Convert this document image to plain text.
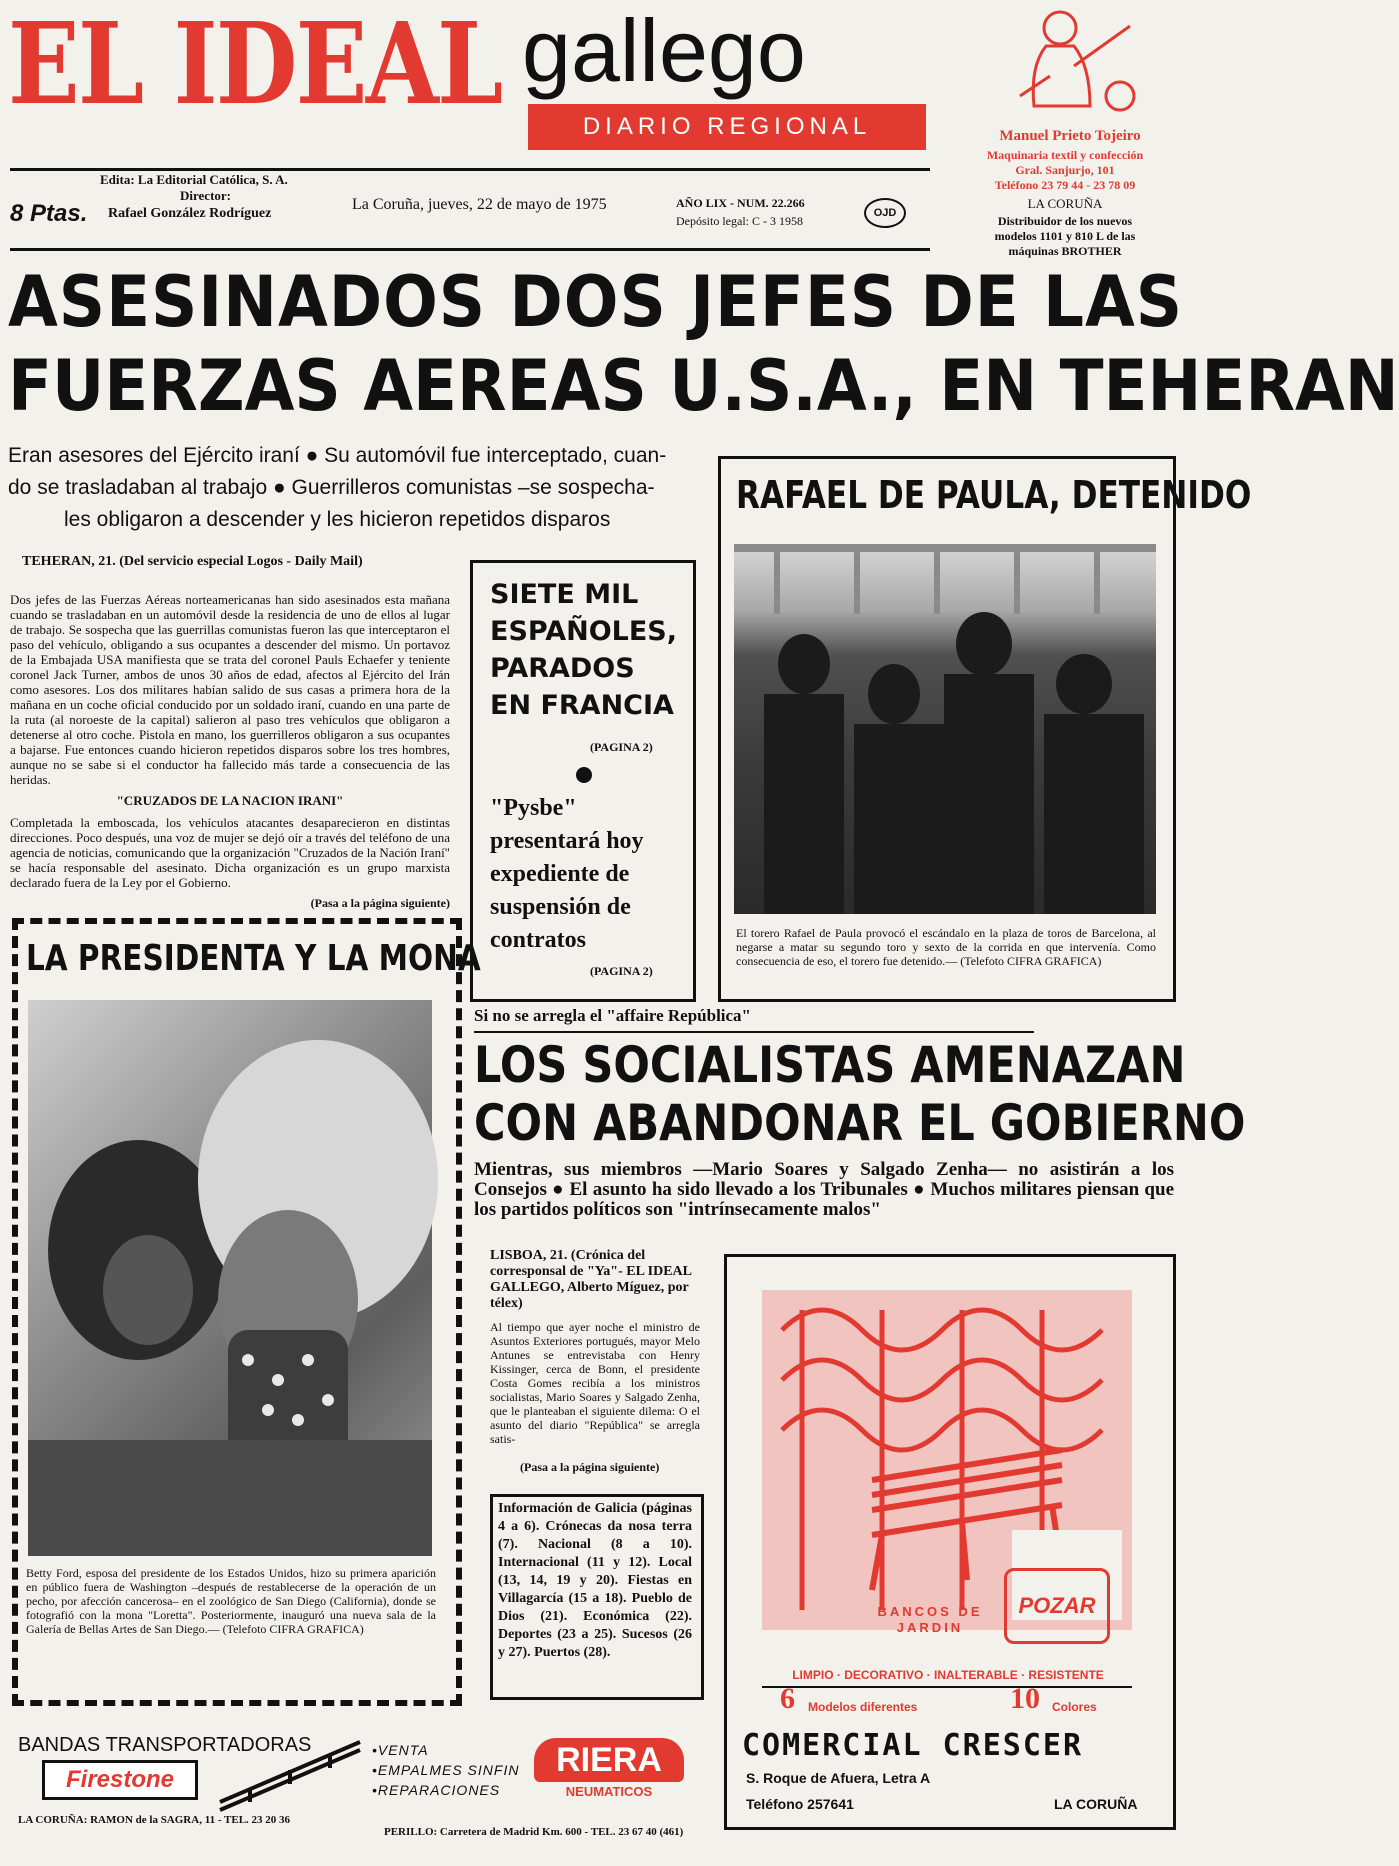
EL IDEAL gallego
DIARIO REGIONAL
8 Ptas.
Edita: La Editorial Católica, S. A.
Director:
Rafael González Rodríguez
La Coruña, jueves, 22 de mayo de 1975	AÑO LIX - NUM. 22.266
Depósito legal: C - 3 1958
OJD
Manuel Prieto Tojeiro
Maquinaria textil y confección
Gral. Sanjurjo, 101
Teléfono 23 79 44 - 23 78 09
LA CORUÑA
Distribuidor de los nuevos
modelos 1101 y 810 L de las
máquinas BROTHER
ASESINADOS DOS JEFES DE LAS
FUERZAS AEREAS U.S.A., EN TEHERAN
Eran asesores del Ejército iraní ● Su automóvil fue interceptado, cuan-
do se trasladaban al trabajo ● Guerrilleros comunistas –se sospecha-
les obligaron a descender y les hicieron repetidos disparos
TEHERAN, 21. (Del servicio especial Logos - Daily Mail)

Dos jefes de las Fuerzas Aéreas norteamericanas han sido asesinados esta mañana cuando se trasladaban en un automóvil desde la residencia de uno de ellos al lugar de trabajo. Se sospecha que las guerrillas comunistas fueron las que interceptaron el paso del vehículo, obligando a sus ocupantes a descender del mismo. Un portavoz de la Embajada USA manifiesta que se trata del coronel Pauls Echaefer y teniente coronel Jack Turner, ambos de unos 30 años de edad, afectos al Ejército del Irán como asesores. Los dos militares habían salido de sus casas a primera hora de la mañana en un coche oficial conducido por un soldado iraní, cuando en una parte de la ruta (al noroeste de la capital) salieron al paso tres vehículos que obligaron a detenerse al otro coche. Pistola en mano, los guerrilleros obligaron a sus ocupantes a bajarse. Fue entonces cuando hicieron repetidos disparos sobre los tres hombres, aunque no se sabe si el conductor ha fallecido más tarde a consecuencia de las heridas.

"CRUZADOS DE LA NACION IRANI"

Completada la emboscada, los vehículos atacantes desaparecieron en distintas direcciones. Poco después, una voz de mujer se dejó oír a través del teléfono de una agencia de noticias, comunicando que la organización "Cruzados de la Nación Iraní" se hacía responsable del asesinato. Dicha organización es un grupo marxista declarado fuera de la Ley por el Gobierno.

(Pasa a la página siguiente)

SIETE MIL ESPAÑOLES, PARADOS EN FRANCIA
(PAGINA 2)
"Pysbe" presentará hoy expediente de suspensión de contratos
(PAGINA 2)
RAFAEL DE PAULA, DETENIDO
El torero Rafael de Paula provocó el escándalo en la plaza de toros de Barcelona, al negarse a matar su segundo toro y sexto de la corrida en que intervenía. Como consecuencia de eso, el torero fue detenido.— (Telefoto CIFRA GRAFICA)
LA PRESIDENTA Y LA MONA
Betty Ford, esposa del presidente de los Estados Unidos, hizo su primera aparición en público fuera de Washington –después de restablecerse de la operación de un pecho, por afección cancerosa– en el zoológico de San Diego (California), donde se fotografió con la mona "Loretta". Posteriormente, inauguró una nueva sala de la Galería de Bellas Artes de San Diego.— (Telefoto CIFRA GRAFICA)
Si no se arregla el "affaire República"
LOS SOCIALISTAS AMENAZAN
CON ABANDONAR EL GOBIERNO
Mientras, sus miembros —Mario Soares y Salgado Zenha— no asistirán a los Consejos ● El asunto ha sido llevado a los Tribunales ● Muchos militares piensan que los partidos políticos son "intrínsecamente malos"
LISBOA, 21. (Crónica del corresponsal de "Ya"- EL IDEAL GALLEGO, Alberto Míguez, por télex)
Al tiempo que ayer noche el ministro de Asuntos Exteriores portugués, mayor Melo Antunes se entrevistaba con Henry Kissinger, cerca de Bonn, el presidente Costa Gomes recibía a los ministros socialistas, Mario Soares y Salgado Zenha, que le planteaban el siguiente dilema: O el asunto del diario "República" se arregla satis-
(Pasa a la página siguiente)
Información de Galicia (páginas 4 a 6). Crónecas da nosa terra (7). Nacional (8 a 10). Internacional (11 y 12). Local (13, 14, 19 y 20). Fiestas en Villagarcía (15 a 18). Pueblo de Dios (21). Económica (22). Deportes (23 a 25). Sucesos (26 y 27). Puertos (28).
BANCOS DE JARDIN
POZAR
LIMPIO · DECORATIVO · INALTERABLE · RESISTENTE
6 Modelos diferentes	10 Colores
COMERCIAL CRESCER
S. Roque de Afuera, Letra A
Teléfono 257641	LA CORUÑA
BANDAS TRANSPORTADORAS
Firestone
•VENTA
•EMPALMES SINFIN
•REPARACIONES
RIERA
NEUMATICOS
LA CORUÑA: RAMON de la SAGRA, 11 - TEL. 23 20 36
PERILLO: Carretera de Madrid Km. 600 - TEL. 23 67 40 (461)
